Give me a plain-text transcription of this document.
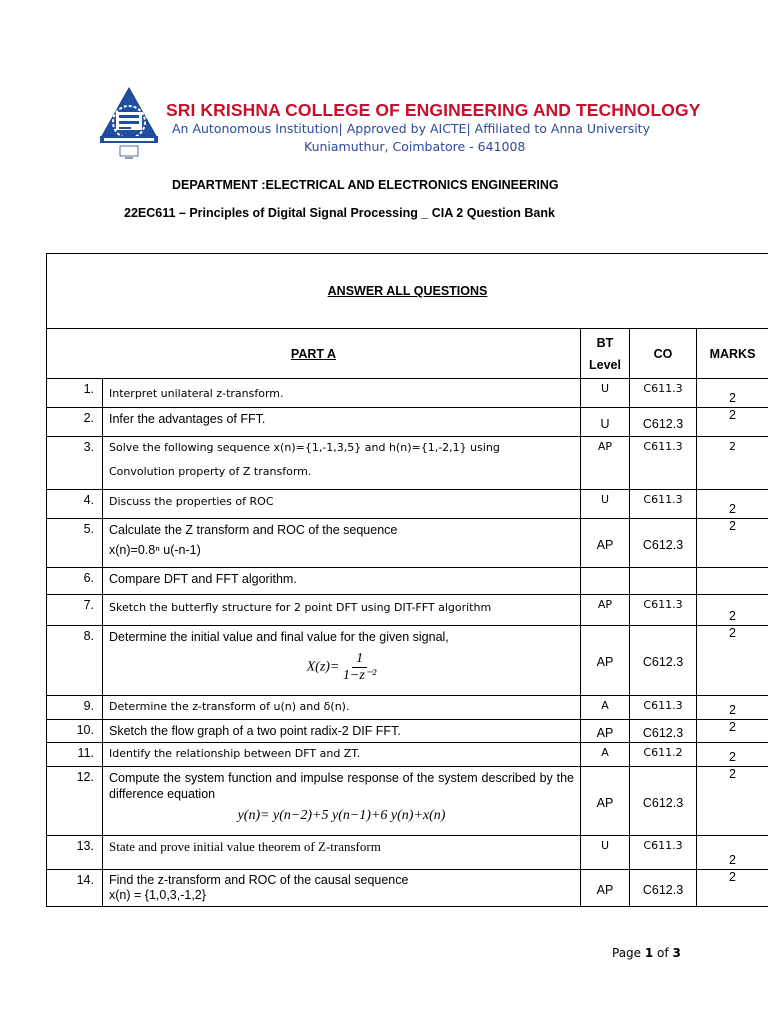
SRI KRISHNA COLLEGE OF ENGINEERING AND TECHNOLOGY
An Autonomous Institution| Approved by AICTE| Affiliated to Anna University
Kuniamuthur, Coimbatore - 641008
DEPARTMENT :ELECTRICAL AND ELECTRONICS ENGINEERING
22EC611 – Principles of Digital Signal Processing _ CIA 2 Question Bank
ANSWER ALL QUESTIONS				
PART A		BT
Level	CO	MARKS
1.	Interpret unilateral z-transform.	U	C611.3	2
2.	Infer the advantages of FFT.	U	C612.3	2
3.	Solve the following sequence x(n)={1,-1,3,5} and h(n)={1,-2,1} using
Convolution property of Z transform.	AP	C611.3	2
4.	Discuss the properties of ROC	U	C611.3	2
5.	Calculate the Z transform and ROC of the sequence
x(n)=0.8ⁿ u(-n-1)	AP	C612.3	2
6.	Compare DFT and FFT algorithm.			
7.	Sketch the butterfly structure for 2 point DFT using DIT-FFT algorithm	AP	C611.3	2
8.	Determine the initial value and final value for the given signal,
$X(z)= \frac{1}{\text{1−z⁻²}}$	AP	C612.3	2
9.	Determine the z-transform of u(n) and δ(n).	A	C611.3	2
10.	Sketch the flow graph of a two point radix-2 DIF FFT.	AP	C612.3	2
11.	Identify the relationship between DFT and ZT.	A	C611.2	2
12.	Compute the system function and impulse response of the system described by the difference equation
y(n)= y(n−2)+5 y(n−1)+6 y(n)+x(n)	AP	C612.3	2
13.	State and prove initial value theorem of Z-transform	U	C611.3	2
14.	Find the z-transform and ROC of the causal sequence
x(n) = {1,0,3,-1,2}	AP	C612.3	2
Page 1 of 3
